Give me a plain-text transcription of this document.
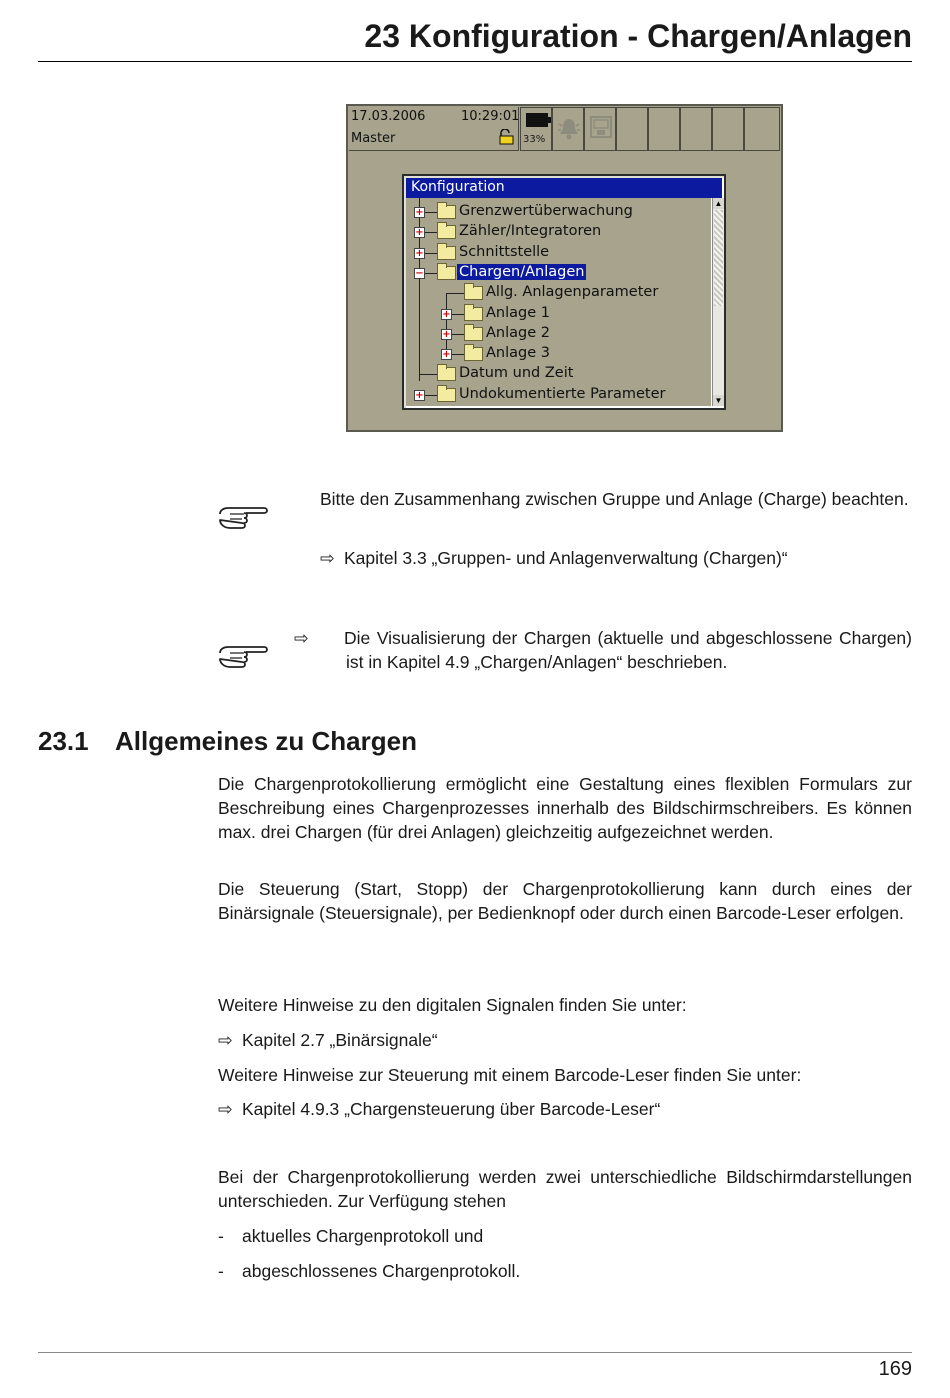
23 Konfiguration - Chargen/Anlagen
17.03.2006	10:29:01
Master	33%
Konfiguration
+ Grenzwertüberwachung
+ Zähler/Integratoren
+ Schnittstelle
− Chargen/Anlagen
Allg. Anlagenparameter
+ Anlage 1
+ Anlage 2
+ Anlage 3
Datum und Zeit
+ Undokumentierte Parameter
▲
▼
Bitte den Zusammenhang zwischen Gruppe und Anlage (Charge) beachten.
⇨ Kapitel 3.3 „Gruppen- und Anlagenverwaltung (Chargen)“
⇨ Die Visualisierung der Chargen (aktuelle und abgeschlossene Chargen) ist in Kapitel 4.9 „Chargen/Anlagen“ beschrieben.
23.1 Allgemeines zu Chargen
Die Chargenprotokollierung ermöglicht eine Gestaltung eines flexiblen Formulars zur Beschreibung eines Chargenprozesses innerhalb des Bildschirmschreibers. Es können max. drei Chargen (für drei Anlagen) gleichzeitig aufgezeichnet werden.
Die Steuerung (Start, Stopp) der Chargenprotokollierung kann durch eines der Binärsignale (Steuersignale), per Bedienknopf oder durch einen Barcode-Leser erfolgen.
Weitere Hinweise zu den digitalen Signalen finden Sie unter:
⇨ Kapitel 2.7 „Binärsignale“
Weitere Hinweise zur Steuerung mit einem Barcode-Leser finden Sie unter:
⇨ Kapitel 4.9.3 „Chargensteuerung über Barcode-Leser“
Bei der Chargenprotokollierung werden zwei unterschiedliche Bildschirmdarstellungen unterschieden. Zur Verfügung stehen
- aktuelles Chargenprotokoll und
- abgeschlossenes Chargenprotokoll.
169
